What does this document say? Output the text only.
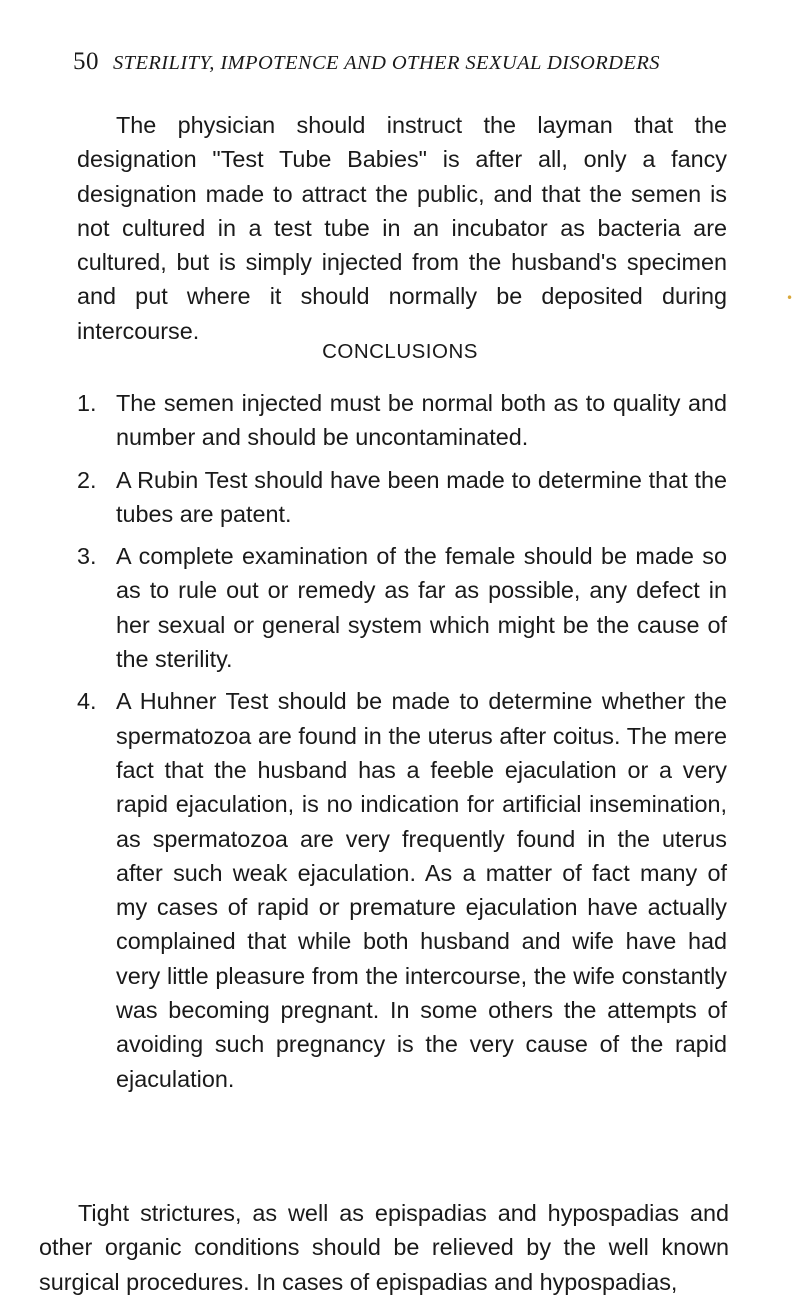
50 STERILITY, IMPOTENCE AND OTHER SEXUAL DISORDERS

The physician should instruct the layman that the designation "Test Tube Babies" is after all, only a fancy designation made to attract the public, and that the semen is not cultured in a test tube in an incubator as bacteria are cultured, but is simply injected from the husband's specimen and put where it should normally be deposited during intercourse.

•
CONCLUSIONS
1. The semen injected must be normal both as to quality and number and should be uncontaminated.
2. A Rubin Test should have been made to determine that the tubes are patent.
3. A complete examination of the female should be made so as to rule out or remedy as far as possible, any defect in her sexual or general system which might be the cause of the sterility.
4. A Huhner Test should be made to determine whether the spermatozoa are found in the uterus after coitus. The mere fact that the husband has a feeble ejaculation or a very rapid ejaculation, is no indication for artificial insemination, as spermatozoa are very frequently found in the uterus after such weak ejaculation. As a matter of fact many of my cases of rapid or premature ejaculation have actually complained that while both husband and wife have had very little pleasure from the intercourse, the wife constantly was becoming pregnant. In some others the attempts of avoiding such pregnancy is the very cause of the rapid ejaculation.

Tight strictures, as well as epispadias and hypospadias and other organic conditions should be relieved by the well known surgical procedures. In cases of epispadias and hypospadias,
